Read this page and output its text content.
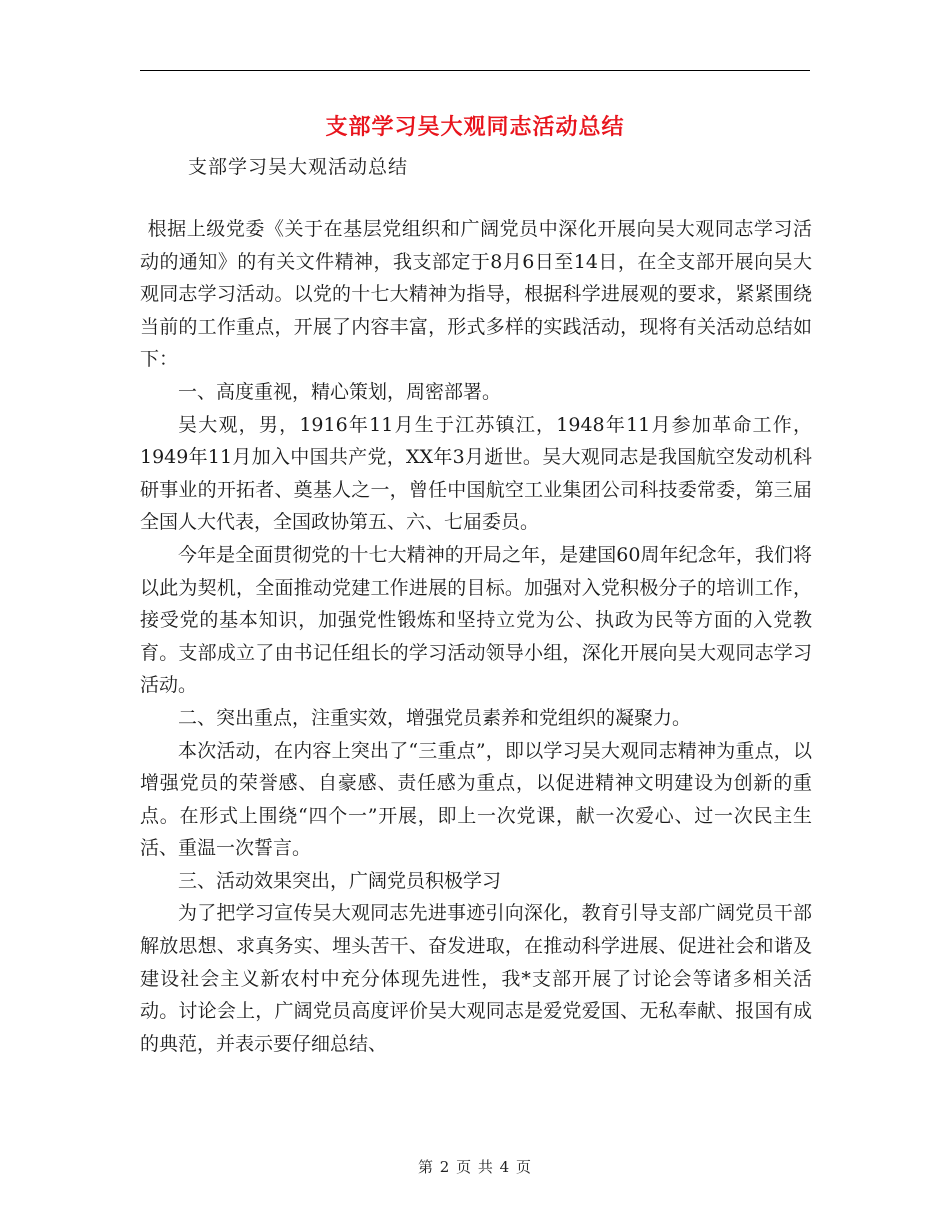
支部学习吴大观同志活动总结
支部学习吴大观活动总结

根据上级党委《关于在基层党组织和广阔党员中深化开展向吴大观同志学习活动的通知》的有关文件精神，我支部定于8月6日至14日，在全支部开展向吴大观同志学习活动。以党的十七大精神为指导，根据科学进展观的要求，紧紧围绕当前的工作重点，开展了内容丰富，形式多样的实践活动，现将有关活动总结如下：

一、高度重视，精心策划，周密部署。

吴大观，男，1916年11月生于江苏镇江，1948年11月参加革命工作，1949年11月加入中国共产党，XX年3月逝世。吴大观同志是我国航空发动机科研事业的开拓者、奠基人之一，曾任中国航空工业集团公司科技委常委，第三届全国人大代表，全国政协第五、六、七届委员。

今年是全面贯彻党的十七大精神的开局之年，是建国60周年纪念年，我们将以此为契机，全面推动党建工作进展的目标。加强对入党积极分子的培训工作，接受党的基本知识，加强党性锻炼和坚持立党为公、执政为民等方面的入党教育。支部成立了由书记任组长的学习活动领导小组，深化开展向吴大观同志学习活动。

二、突出重点，注重实效，增强党员素养和党组织的凝聚力。

本次活动，在内容上突出了“三重点”，即以学习吴大观同志精神为重点，以增强党员的荣誉感、自豪感、责任感为重点，以促进精神文明建设为创新的重点。在形式上围绕“四个一”开展，即上一次党课，献一次爱心、过一次民主生活、重温一次誓言。

三、活动效果突出，广阔党员积极学习

为了把学习宣传吴大观同志先进事迹引向深化，教育引导支部广阔党员干部解放思想、求真务实、埋头苦干、奋发进取，在推动科学进展、促进社会和谐及建设社会主义新农村中充分体现先进性，我*支部开展了讨论会等诸多相关活动。讨论会上，广阔党员高度评价吴大观同志是爱党爱国、无私奉献、报国有成的典范，并表示要仔细总结、

第 2 页 共 4 页
